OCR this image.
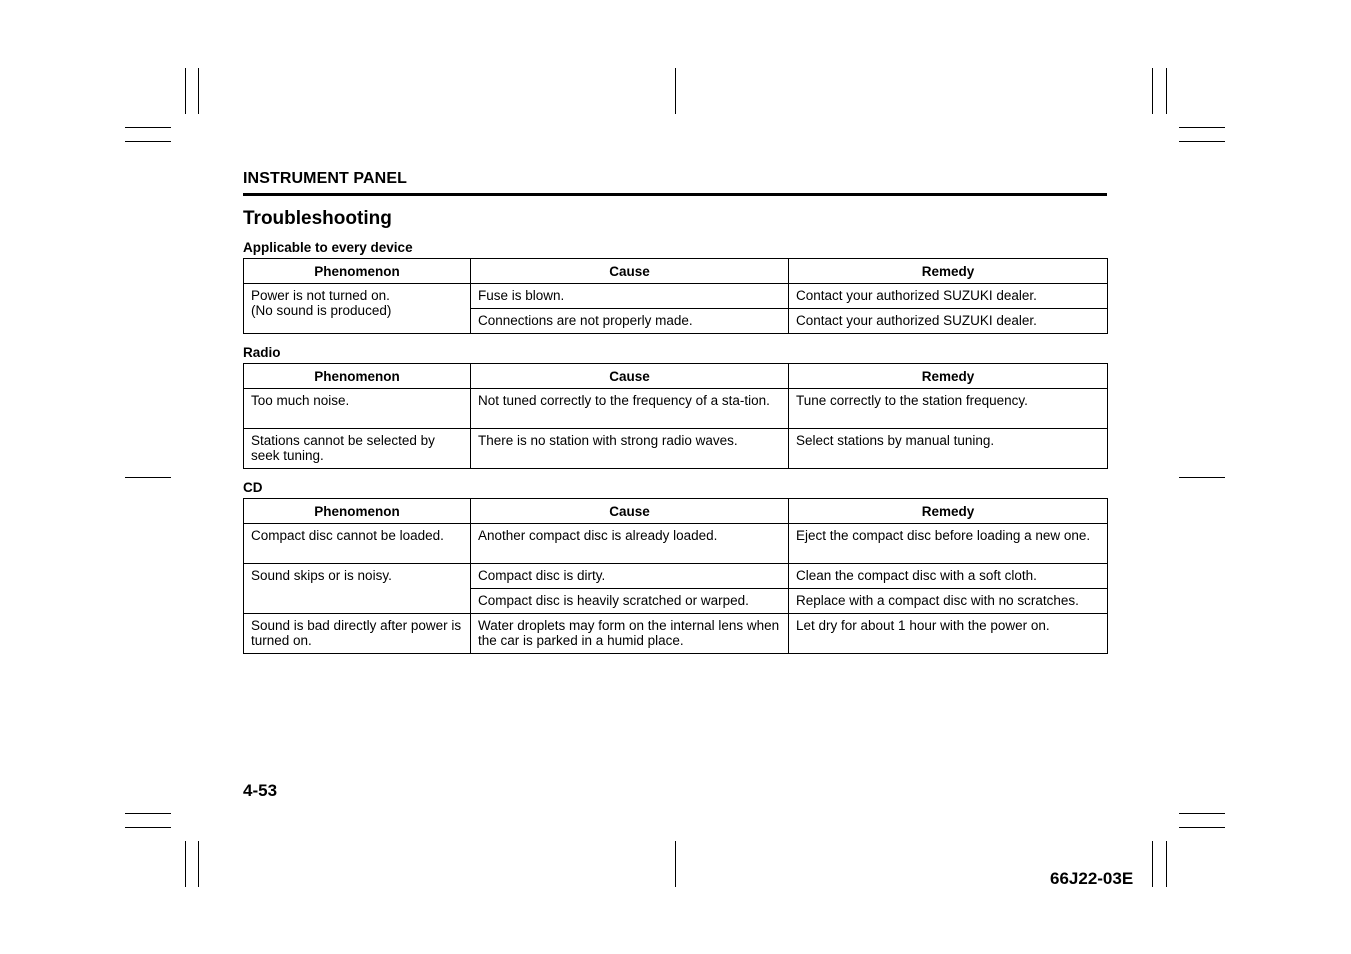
INSTRUMENT PANEL
Troubleshooting
Applicable to every device
Phenomenon	Cause	Remedy
Power is not turned on.
(No sound is produced)	Fuse is blown.	Contact your authorized SUZUKI dealer.
	Connections are not properly made.	Contact your authorized SUZUKI dealer.
Radio
Phenomenon	Cause	Remedy
Too much noise.	Not tuned correctly to the frequency of a sta-tion.	Tune correctly to the station frequency.
Stations cannot be selected by seek tuning.	There is no station with strong radio waves.	Select stations by manual tuning.
CD
Phenomenon	Cause	Remedy
Compact disc cannot be loaded.	Another compact disc is already loaded.	Eject the compact disc before loading a new one.
Sound skips or is noisy.	Compact disc is dirty.	Clean the compact disc with a soft cloth.
	Compact disc is heavily scratched or warped.	Replace with a compact disc with no scratches.
Sound is bad directly after power is turned on.	Water droplets may form on the internal lens when the car is parked in a humid place.	Let dry for about 1 hour with the power on.
4-53
66J22-03E
